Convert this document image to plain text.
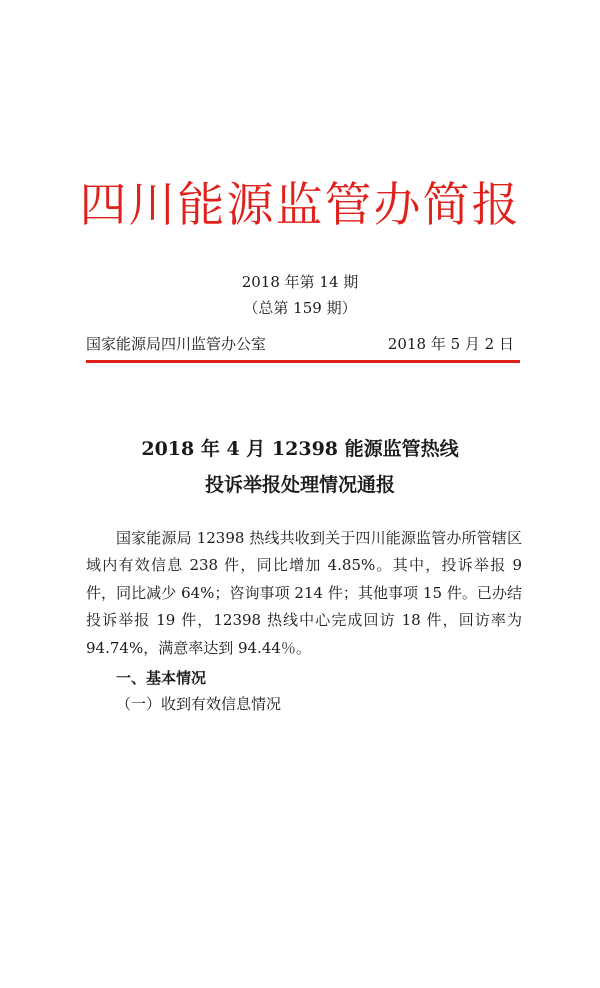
四川能源监管办简报
2018 年第 14 期
（总第 159 期）
国家能源局四川监管办公室	2018 年 5 月 2 日
2018 年 4 月 12398 能源监管热线
投诉举报处理情况通报
国家能源局 12398 热线共收到关于四川能源监管办所管辖区域内有效信息 238 件，同比增加 4.85%。其中，投诉举报 9 件，同比减少 64%；咨询事项 214 件；其他事项 15 件。已办结投诉举报 19 件，12398 热线中心完成回访 18 件，回访率为 94.74%，满意率达到 94.44％。
一、基本情况
（一）收到有效信息情况
